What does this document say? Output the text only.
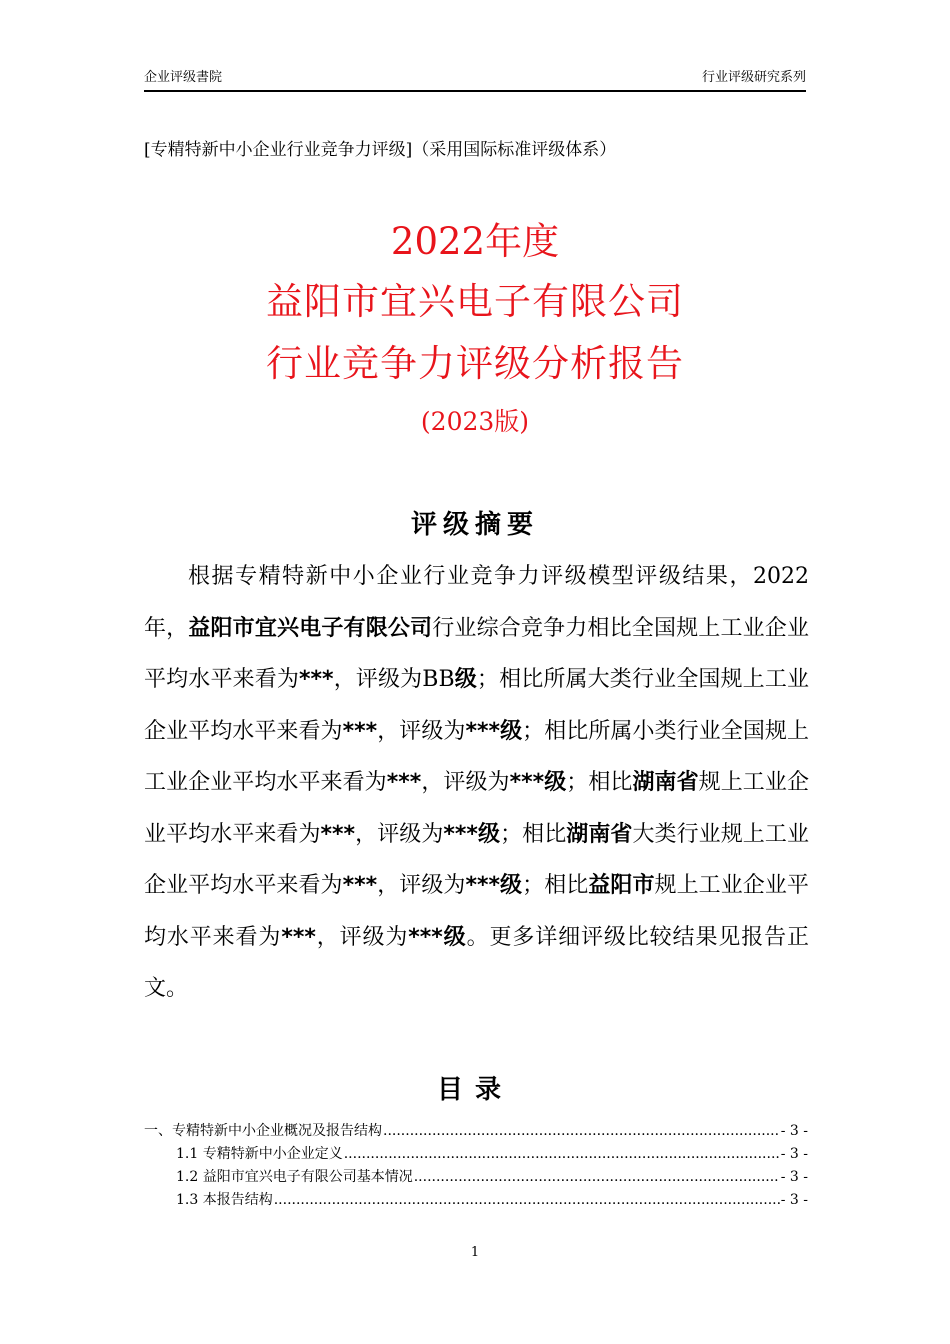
企业评级書院	行业评级研究系列
[专精特新中小企业行业竞争力评级]（采用国际标准评级体系）
2022年度
益阳市宜兴电子有限公司
行业竞争力评级分析报告
(2023版)
评级摘要
根据专精特新中小企业行业竞争力评级模型评级结果，2022年，益阳市宜兴电子有限公司行业综合竞争力相比全国规上工业企业平均水平来看为***，评级为BB级；相比所属大类行业全国规上工业企业平均水平来看为***，评级为***级；相比所属小类行业全国规上工业企业平均水平来看为***，评级为***级；相比湖南省规上工业企业平均水平来看为***，评级为***级；相比湖南省大类行业规上工业企业平均水平来看为***，评级为***级；相比益阳市规上工业企业平均水平来看为***，评级为***级。更多详细评级比较结果见报告正文。
目录
一、专精特新中小企业概况及报告结构 .....	- 3 -
1.1 专精特新中小企业定义 .....	- 3 -
1.2 益阳市宜兴电子有限公司基本情况 .....	- 3 -
1.3 本报告结构 .....	- 3 -
1
